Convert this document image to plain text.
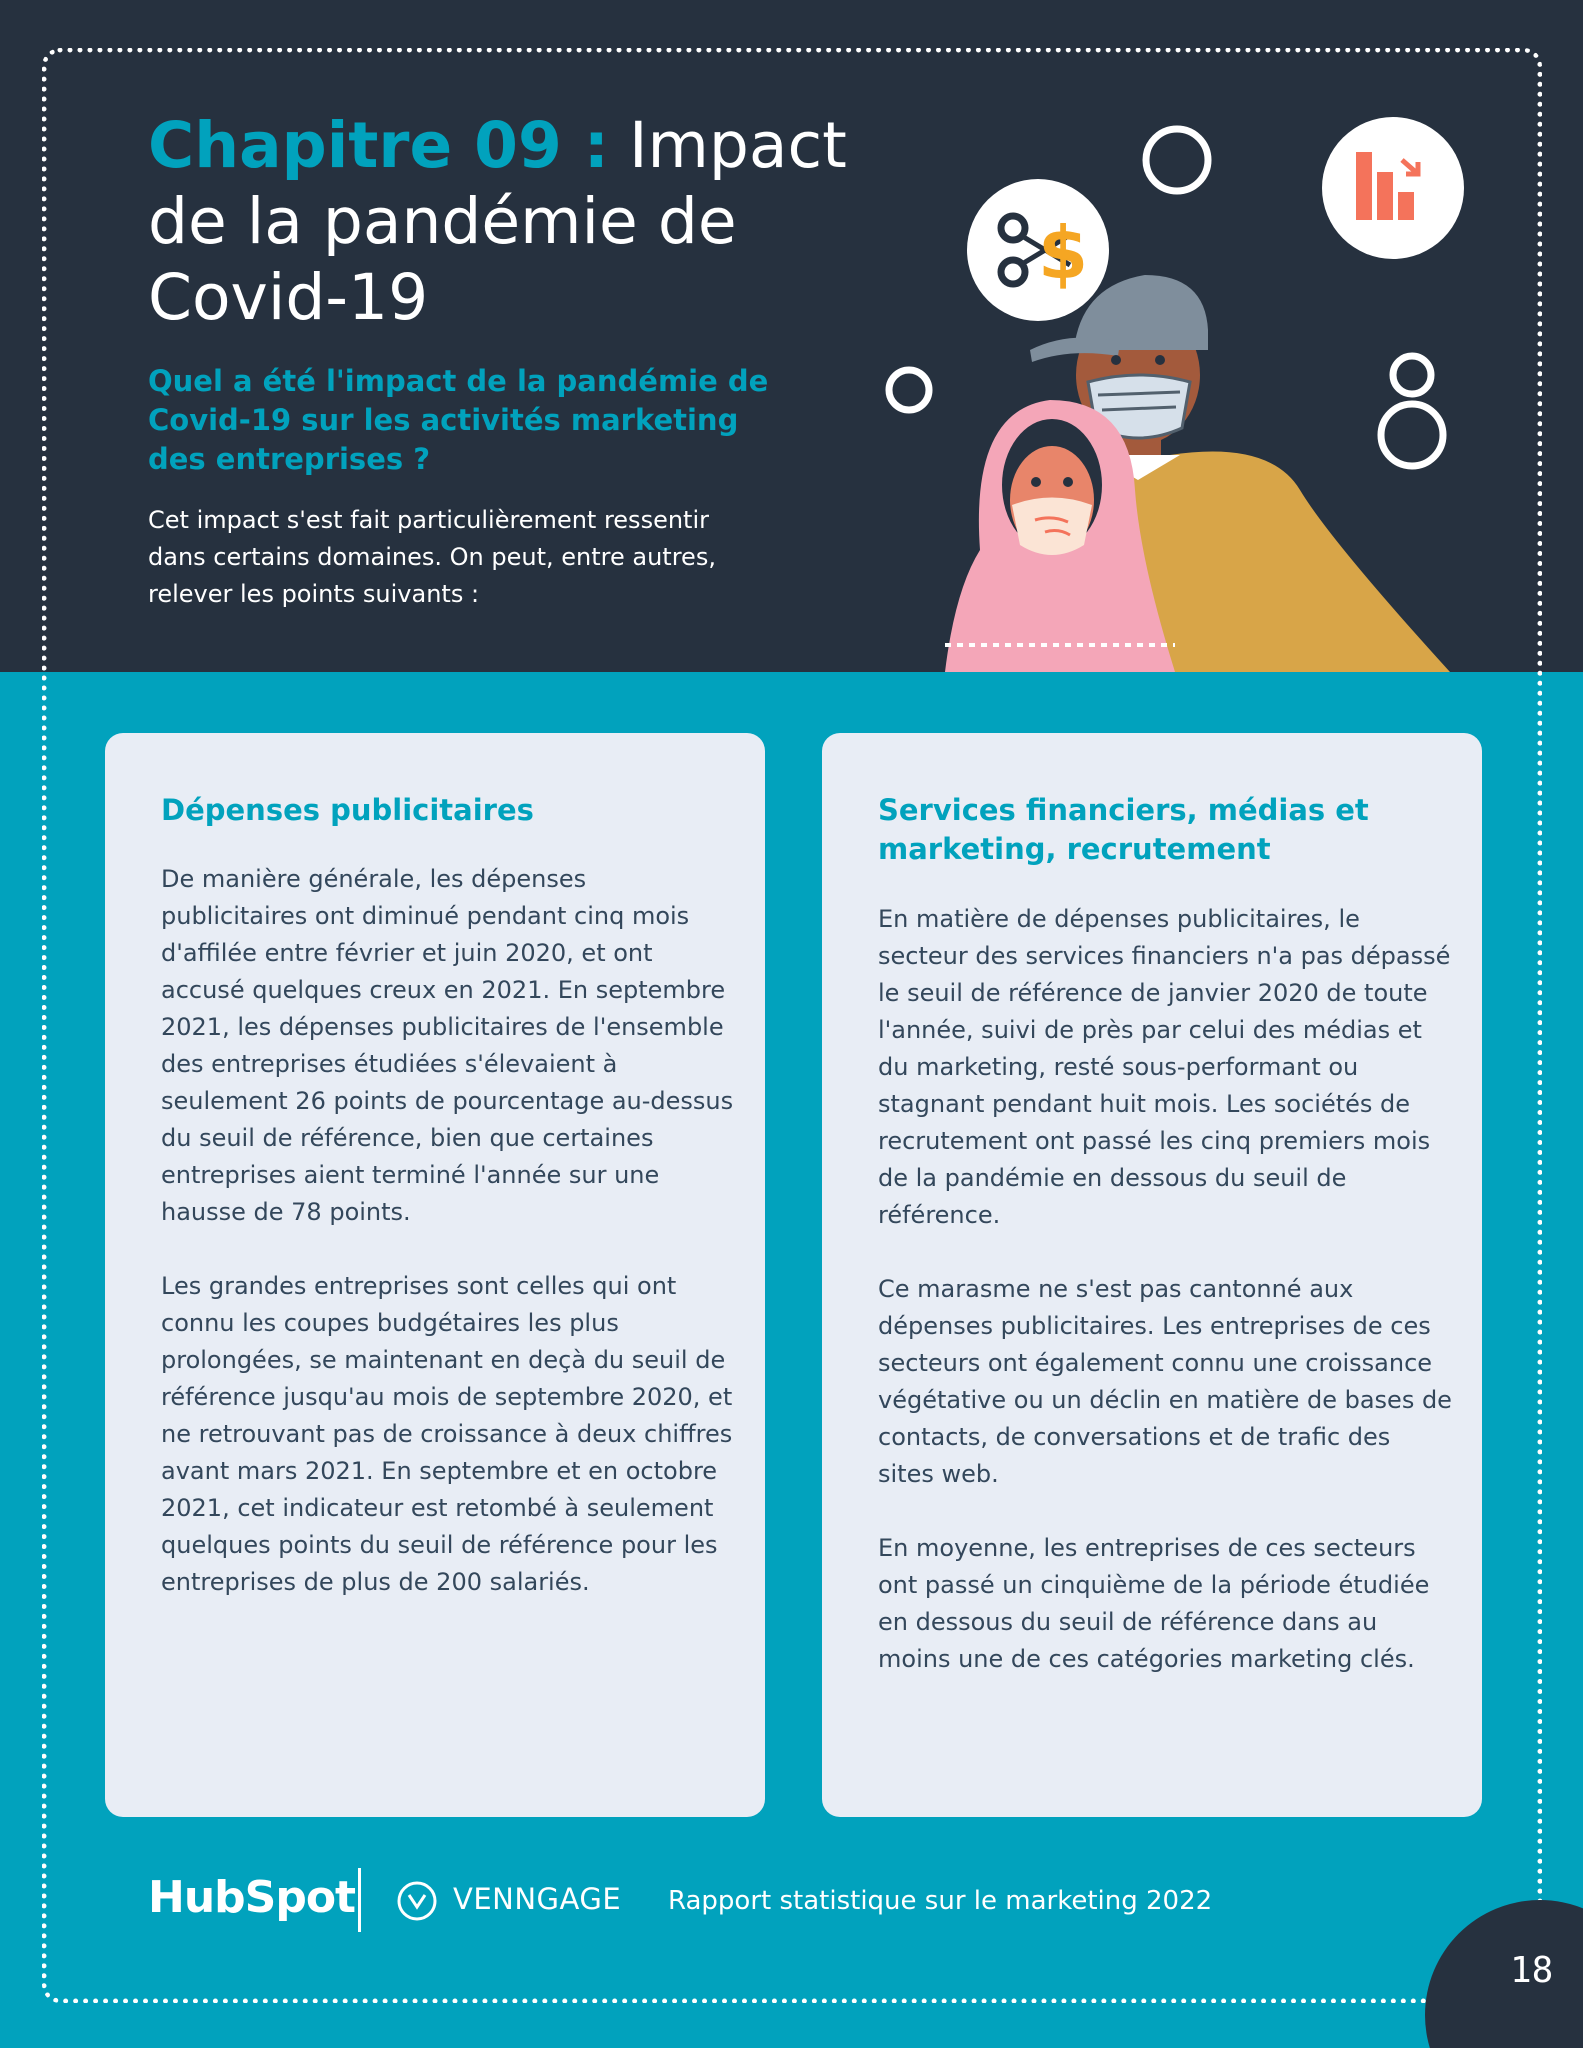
Chapitre 09 : Impact de la pandémie de Covid-19
Quel a été l'impact de la pandémie de Covid-19 sur les activités marketing des entreprises ?
Cet impact s'est fait particulièrement ressentir dans certains domaines. On peut, entre autres, relever les points suivants :
$
Dépenses publicitaires

De manière générale, les dépenses publicitaires ont diminué pendant cinq mois d'affilée entre février et juin 2020, et ont accusé quelques creux en 2021. En septembre 2021, les dépenses publicitaires de l'ensemble des entreprises étudiées s'élevaient à seulement 26 points de pourcentage au-dessus du seuil de référence, bien que certaines entreprises aient terminé l'année sur une hausse de 78 points.

Les grandes entreprises sont celles qui ont connu les coupes budgétaires les plus prolongées, se maintenant en deçà du seuil de référence jusqu'au mois de septembre 2020, et ne retrouvant pas de croissance à deux chiffres avant mars 2021. En septembre et en octobre 2021, cet indicateur est retombé à seulement quelques points du seuil de référence pour les entreprises de plus de 200 salariés.

Services financiers, médias et marketing, recrutement

En matière de dépenses publicitaires, le secteur des services financiers n'a pas dépassé le seuil de référence de janvier 2020 de toute l'année, suivi de près par celui des médias et du marketing, resté sous-performant ou stagnant pendant huit mois. Les sociétés de recrutement ont passé les cinq premiers mois de la pandémie en dessous du seuil de référence.

Ce marasme ne s'est pas cantonné aux dépenses publicitaires. Les entreprises de ces secteurs ont également connu une croissance végétative ou un déclin en matière de bases de contacts, de conversations et de trafic des sites web.

En moyenne, les entreprises de ces secteurs ont passé un cinquième de la période étudiée en dessous du seuil de référence dans au moins une de ces catégories marketing clés.

HubSpot	VENNGAGE Rapport statistique sur le marketing 2022
18
